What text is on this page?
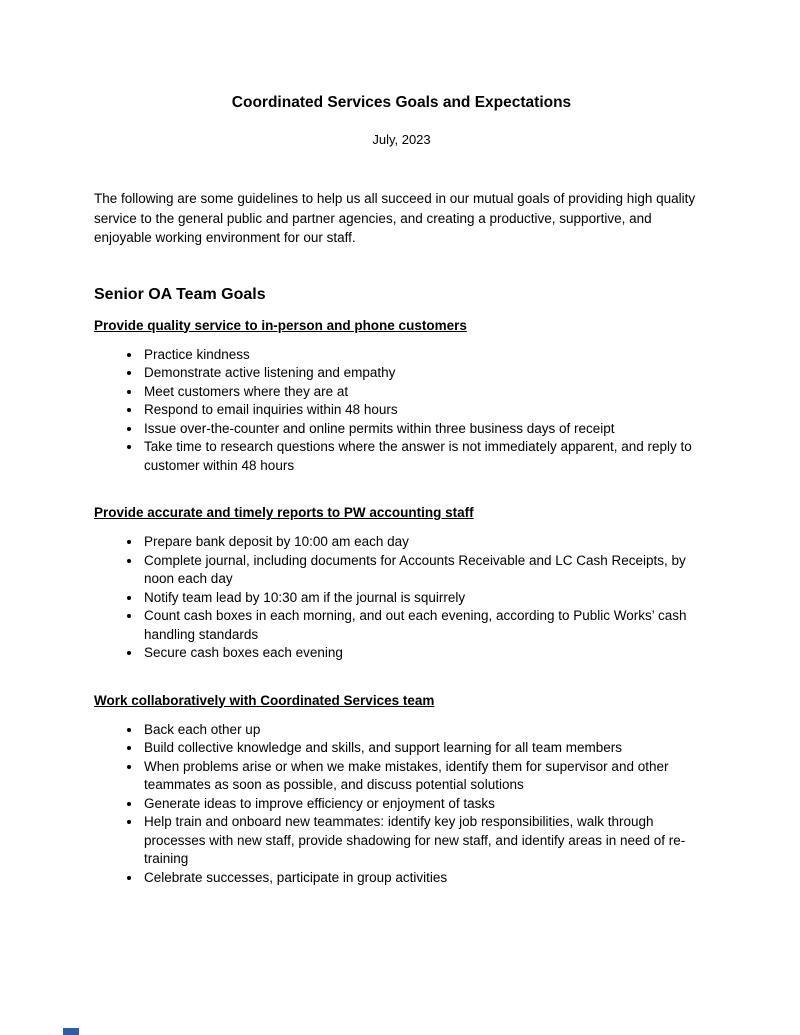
Coordinated Services Goals and Expectations
July, 2023

The following are some guidelines to help us all succeed in our mutual goals of providing high quality service to the general public and partner agencies, and creating a productive, supportive, and enjoyable working environment for our staff.

Senior OA Team Goals
Provide quality service to in-person and phone customers
• Practice kindness
• Demonstrate active listening and empathy
• Meet customers where they are at
• Respond to email inquiries within 48 hours
• Issue over-the-counter and online permits within three business days of receipt
• Take time to research questions where the answer is not immediately apparent, and reply to customer within 48 hours
Provide accurate and timely reports to PW accounting staff
• Prepare bank deposit by 10:00 am each day
• Complete journal, including documents for Accounts Receivable and LC Cash Receipts, by noon each day
• Notify team lead by 10:30 am if the journal is squirrely
• Count cash boxes in each morning, and out each evening, according to Public Works’ cash handling standards
• Secure cash boxes each evening
Work collaboratively with Coordinated Services team
• Back each other up
• Build collective knowledge and skills, and support learning for all team members
• When problems arise or when we make mistakes, identify them for supervisor and other teammates as soon as possible, and discuss potential solutions
• Generate ideas to improve efficiency or enjoyment of tasks
• Help train and onboard new teammates: identify key job responsibilities, walk through processes with new staff, provide shadowing for new staff, and identify areas in need of re-training
• Celebrate successes, participate in group activities
